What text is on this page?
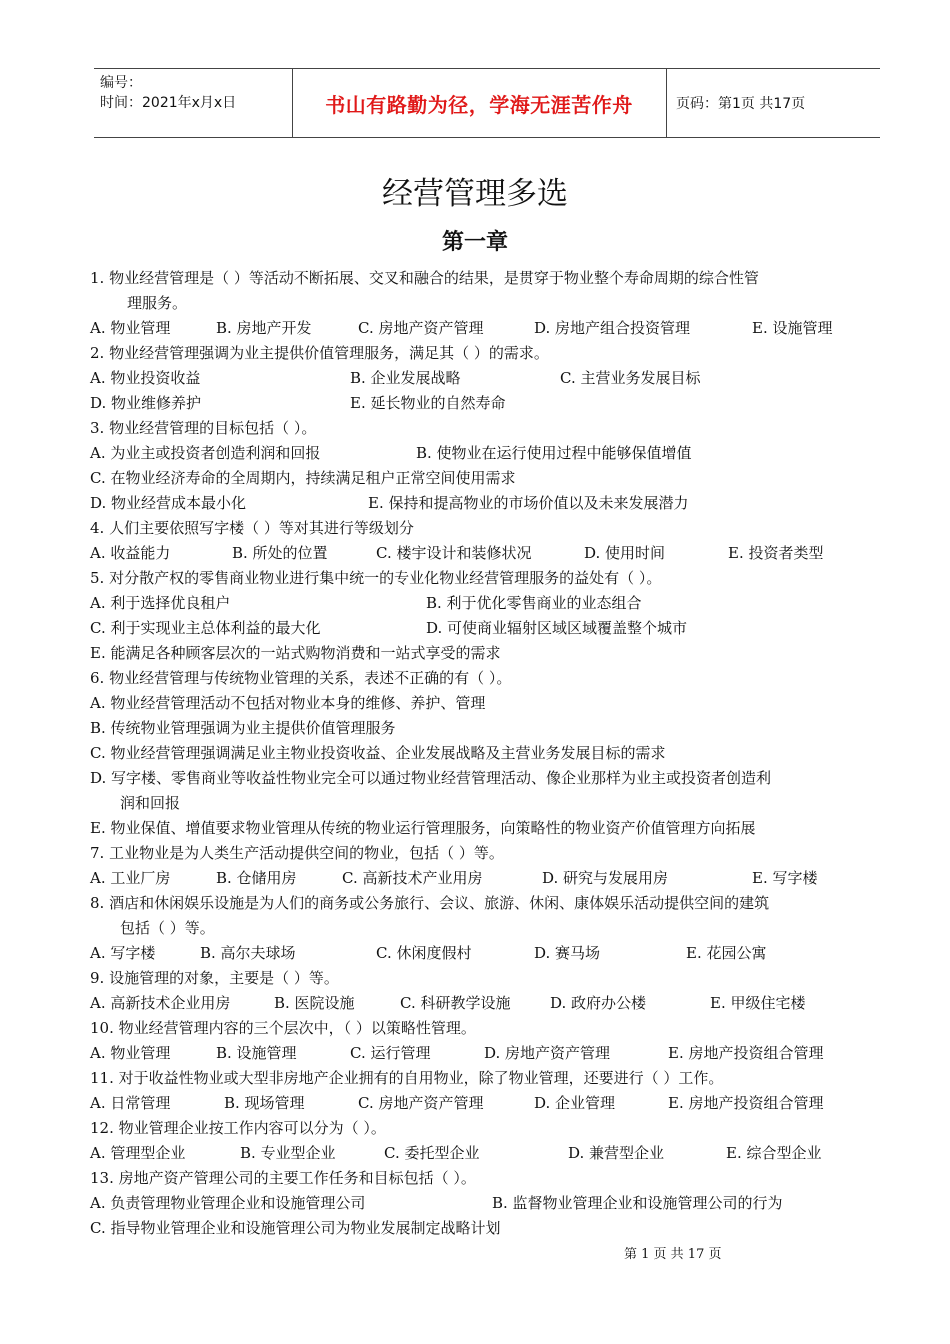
编号：
时间：2021年x月x日	书山有路勤为径，学海无涯苦作舟	页码：第1页 共17页
经营管理多选
第一章
1. 物业经营管理是（ ）等活动不断拓展、交叉和融合的结果，是贯穿于物业整个寿命周期的综合性管
理服务。
A. 物业管理	B. 房地产开发	C. 房地产资产管理	D. 房地产组合投资管理	E. 设施管理
2. 物业经营管理强调为业主提供价值管理服务，满足其（ ）的需求。
A. 物业投资收益	B. 企业发展战略	C. 主营业务发展目标
D. 物业维修养护	E. 延长物业的自然寿命
3. 物业经营管理的目标包括（ ）。
A. 为业主或投资者创造利润和回报	B. 使物业在运行使用过程中能够保值增值
C. 在物业经济寿命的全周期内，持续满足租户正常空间使用需求
D. 物业经营成本最小化	E. 保持和提高物业的市场价值以及未来发展潜力
4. 人们主要依照写字楼（ ）等对其进行等级划分
A. 收益能力	B. 所处的位置	C. 楼宇设计和装修状况	D. 使用时间	E. 投资者类型
5. 对分散产权的零售商业物业进行集中统一的专业化物业经营管理服务的益处有（ ）。
A. 利于选择优良租户	B. 利于优化零售商业的业态组合
C. 利于实现业主总体利益的最大化	D. 可使商业辐射区域区域覆盖整个城市
E. 能满足各种顾客层次的一站式购物消费和一站式享受的需求
6. 物业经营管理与传统物业管理的关系，表述不正确的有（ ）。
A. 物业经营管理活动不包括对物业本身的维修、养护、管理
B. 传统物业管理强调为业主提供价值管理服务
C. 物业经营管理强调满足业主物业投资收益、企业发展战略及主营业务发展目标的需求
D. 写字楼、零售商业等收益性物业完全可以通过物业经营管理活动、像企业那样为业主或投资者创造利
润和回报
E. 物业保值、增值要求物业管理从传统的物业运行管理服务，向策略性的物业资产价值管理方向拓展
7. 工业物业是为人类生产活动提供空间的物业，包括（ ）等。
A. 工业厂房	B. 仓储用房	C. 高新技术产业用房	D. 研究与发展用房	E. 写字楼
8. 酒店和休闲娱乐设施是为人们的商务或公务旅行、会议、旅游、休闲、康体娱乐活动提供空间的建筑
包括（ ）等。
A. 写字楼	B. 高尔夫球场	C. 休闲度假村	D. 赛马场	E. 花园公寓
9. 设施管理的对象，主要是（ ）等。
A. 高新技术企业用房	B. 医院设施	C. 科研教学设施	D. 政府办公楼	E. 甲级住宅楼
10. 物业经营管理内容的三个层次中，（ ）以策略性管理。
A. 物业管理	B. 设施管理	C. 运行管理	D. 房地产资产管理	E. 房地产投资组合管理
11. 对于收益性物业或大型非房地产企业拥有的自用物业，除了物业管理，还要进行（ ）工作。
A. 日常管理	B. 现场管理	C. 房地产资产管理	D. 企业管理	E. 房地产投资组合管理
12. 物业管理企业按工作内容可以分为（ ）。
A. 管理型企业	B. 专业型企业	C. 委托型企业	D. 兼营型企业	E. 综合型企业
13. 房地产资产管理公司的主要工作任务和目标包括（ ）。
A. 负责管理物业管理企业和设施管理公司	B. 监督物业管理企业和设施管理公司的行为
C. 指导物业管理企业和设施管理公司为物业发展制定战略计划
第 1 页 共 17 页
